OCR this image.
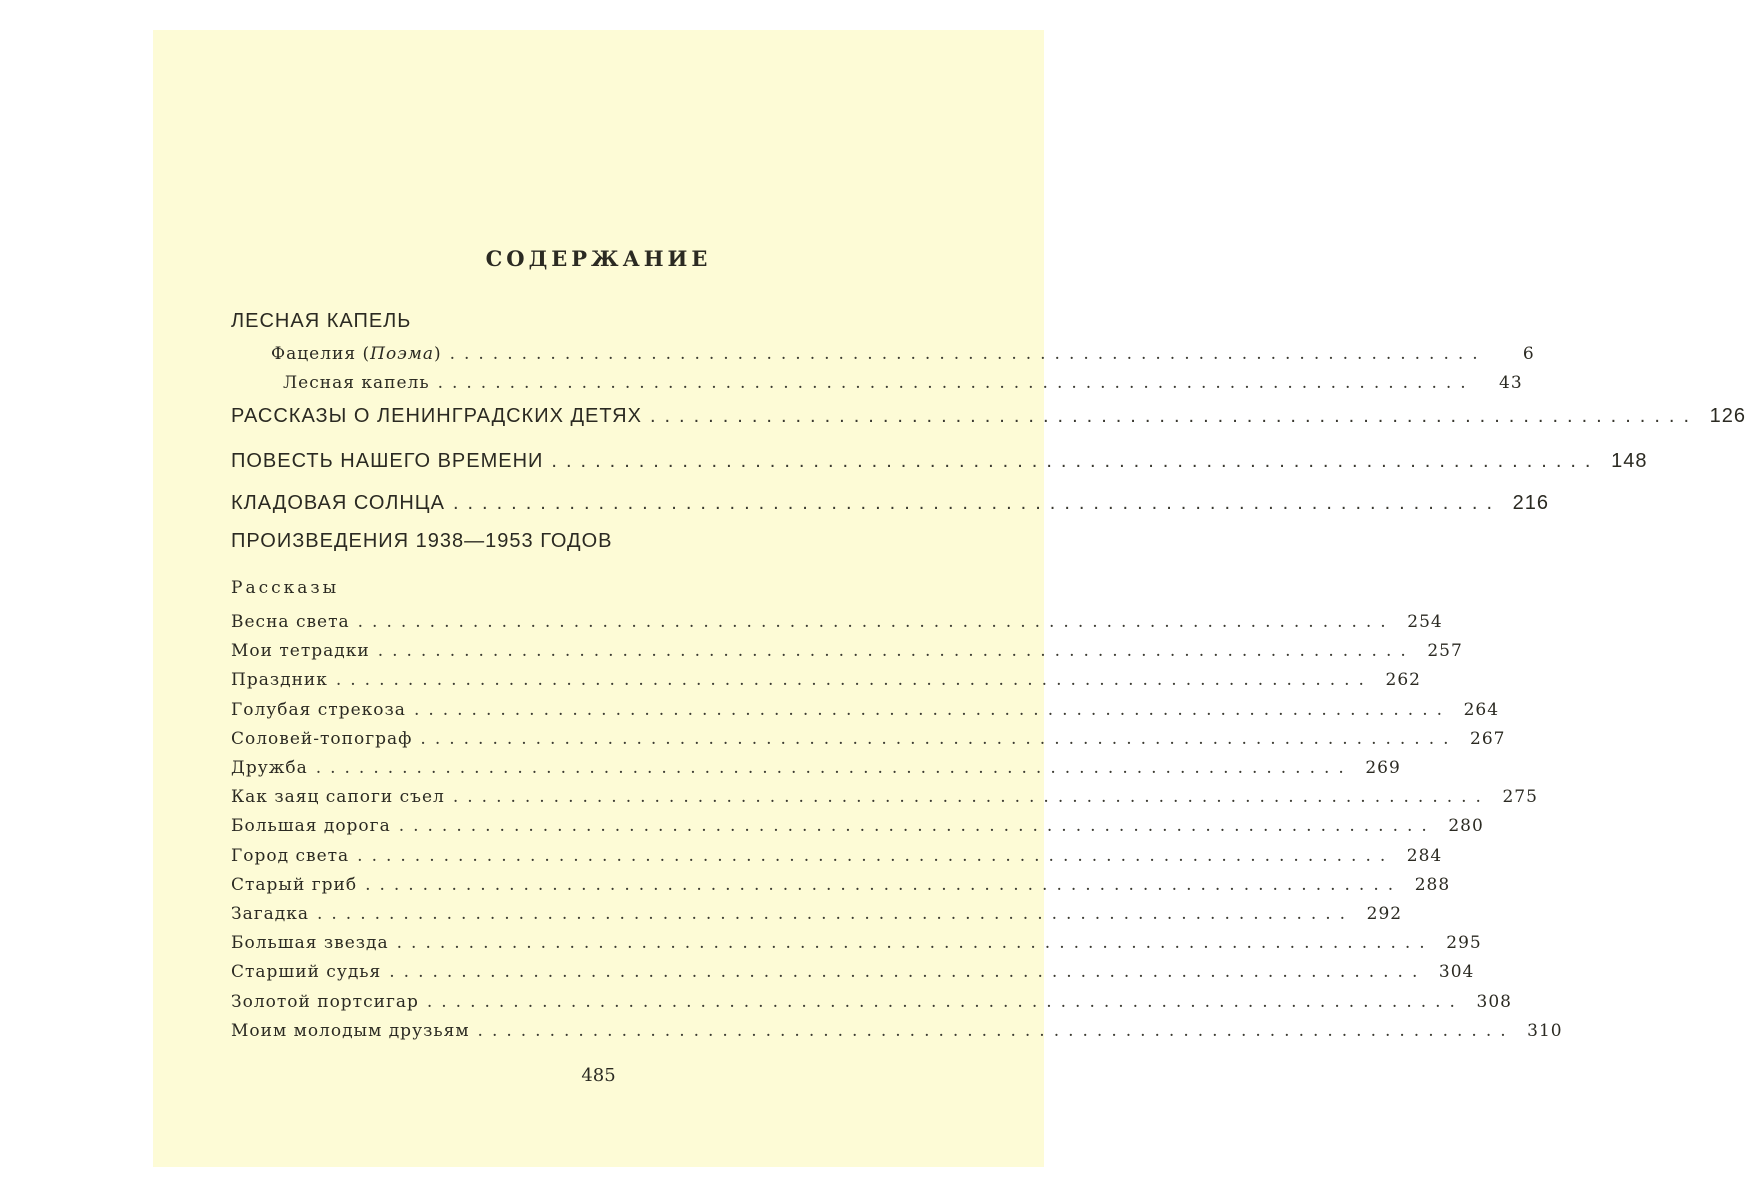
СОДЕРЖАНИЕ
ЛЕСНАЯ КАПЕЛЬ
Фацелия (Поэма) ........................................................................	6
Лесная капель ........................................................................	43
РАССКАЗЫ О ЛЕНИНГРАДСКИХ ДЕТЯХ ........................................................................ 126
ПОВЕСТЬ НАШЕГО ВРЕМЕНИ ........................................................................ 148
КЛАДОВАЯ СОЛНЦА ........................................................................ 216
ПРОИЗВЕДЕНИЯ 1938—1953 ГОДОВ
Рассказы
Весна света ........................................................................ 254
Мои тетрадки ........................................................................ 257
Праздник ........................................................................ 262
Голубая стрекоза ........................................................................ 264
Соловей-топограф ........................................................................ 267
Дружба ........................................................................ 269
Как заяц сапоги съел ........................................................................ 275
Большая дорога ........................................................................ 280
Город света ........................................................................ 284
Старый гриб ........................................................................ 288
Загадка ........................................................................ 292
Большая звезда ........................................................................ 295
Старший судья ........................................................................ 304
Золотой портсигар ........................................................................ 308
Моим молодым друзьям ........................................................................ 310
485
